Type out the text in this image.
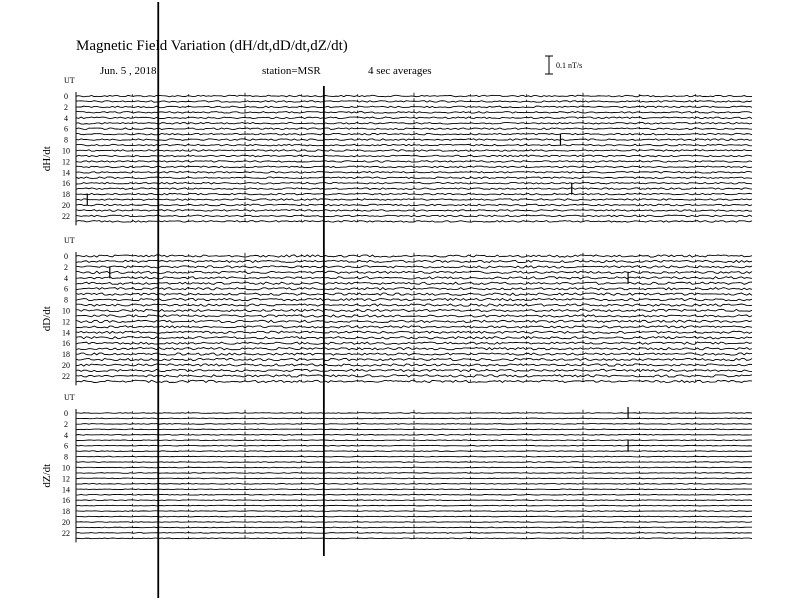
Magnetic Field Variation (dH/dt,dD/dt,dZ/dt)
Jun. 5 , 2018	station=MSR	4 sec averages	0.1 nT/s
UT
dH/dt
0
2
4
6
8
10
12
14
16
18
20
22
UT
dD/dt
0
2
4
6
8
10
12
14
16
18
20
22
UT
dZ/dt
0
2
4
6
8
10
12
14
16
18
20
22
